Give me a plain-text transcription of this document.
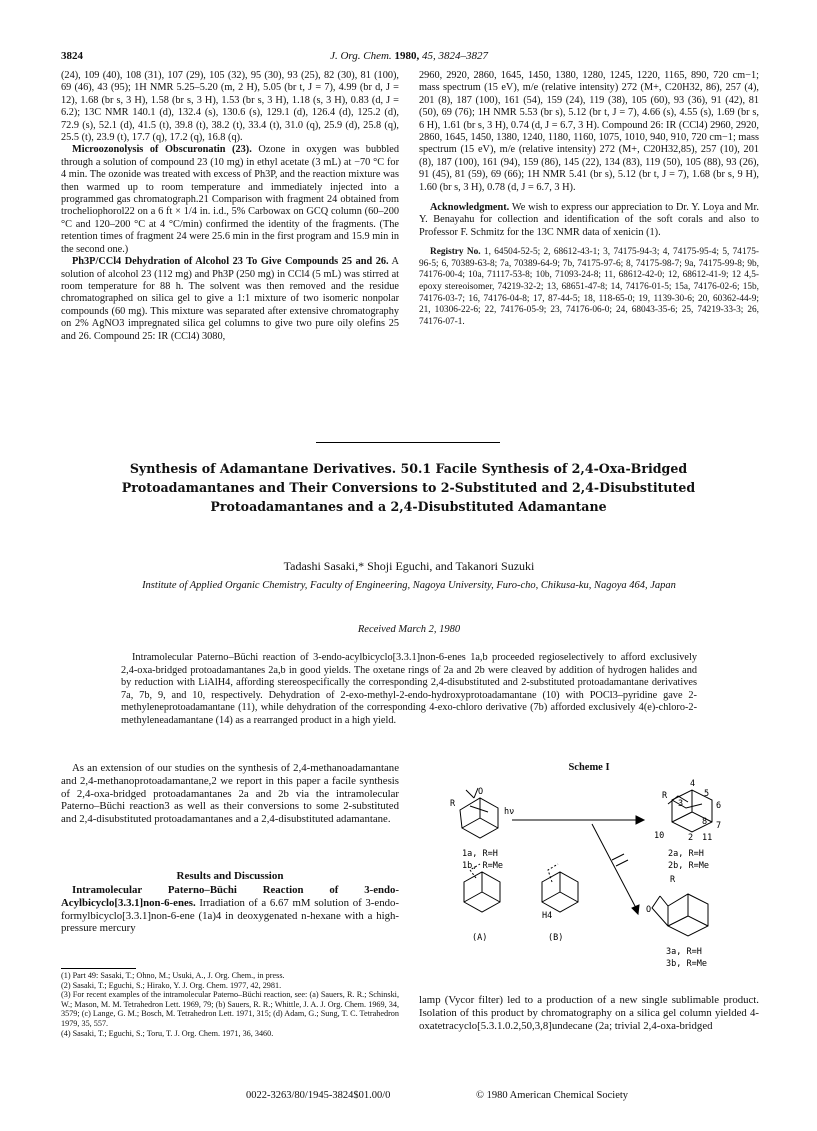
3824	J. Org. Chem. 1980, 45, 3824–3827

(24), 109 (40), 108 (31), 107 (29), 105 (32), 95 (30), 93 (25), 82 (30), 81 (100), 69 (46), 43 (95); 1H NMR 5.25–5.20 (m, 2 H), 5.05 (br t, J = 7), 4.99 (br d, J = 12), 1.68 (br s, 3 H), 1.58 (br s, 3 H), 1.53 (br s, 3 H), 1.18 (s, 3 H), 0.83 (d, J = 6.2); 13C NMR 140.1 (d), 132.4 (s), 130.6 (s), 129.1 (d), 126.4 (d), 125.2 (d), 72.9 (s), 52.1 (d), 41.5 (t), 39.8 (t), 38.2 (t), 33.4 (t), 31.0 (q), 25.9 (d), 25.8 (q), 25.5 (t), 23.9 (t), 17.7 (q), 17.2 (q), 16.8 (q).

Microozonolysis of Obscuronatin (23). Ozone in oxygen was bubbled through a solution of compound 23 (10 mg) in ethyl acetate (3 mL) at −70 °C for 4 min. The ozonide was treated with excess of Ph3P, and the reaction mixture was then warmed up to room temperature and immediately injected into a programmed gas chromatograph.21 Comparison with fragment 24 obtained from trocheliophorol22 on a 6 ft × 1/4 in. i.d., 5% Carbowax on GCQ column (60–200 °C and 120–200 °C at 4 °C/min) confirmed the identity of the fragments. (The retention times of fragment 24 were 25.6 min in the first program and 15.9 min in the second one.)

Ph3P/CCl4 Dehydration of Alcohol 23 To Give Compounds 25 and 26. A solution of alcohol 23 (112 mg) and Ph3P (250 mg) in CCl4 (5 mL) was stirred at room temperature for 88 h. The solvent was then removed and the residue chromatographed on silica gel to give a 1:1 mixture of two isomeric nonpolar compounds (60 mg). This mixture was separated after extensive chromatography on 2% AgNO3 impregnated silica gel columns to give two pure oily olefins 25 and 26. Compound 25: IR (CCl4) 3080,

2960, 2920, 2860, 1645, 1450, 1380, 1280, 1245, 1220, 1165, 890, 720 cm−1; mass spectrum (15 eV), m/e (relative intensity) 272 (M+, C20H32, 86), 257 (4), 201 (8), 187 (100), 161 (54), 159 (24), 119 (38), 105 (60), 93 (36), 91 (42), 81 (50), 69 (76); 1H NMR 5.53 (br s), 5.12 (br t, J = 7), 4.66 (s), 4.55 (s), 1.69 (br s, 6 H), 1.61 (br s, 3 H), 0.74 (d, J = 6.7, 3 H). Compound 26: IR (CCl4) 2960, 2920, 2860, 1645, 1450, 1380, 1240, 1180, 1160, 1075, 1010, 940, 910, 720 cm−1; mass spectrum (15 eV), m/e (relative intensity) 272 (M+, C20H32,85), 257 (10), 201 (8), 187 (100), 161 (94), 159 (86), 145 (22), 134 (83), 119 (50), 105 (88), 93 (26), 91 (45), 81 (59), 69 (66); 1H NMR 5.41 (br s), 5.12 (br t, J = 7), 1.68 (br s, 9 H), 1.60 (br s, 3 H), 0.78 (d, J = 6.7, 3 H).

Acknowledgment. We wish to express our appreciation to Dr. Y. Loya and Mr. Y. Benayahu for collection and identification of the soft corals and also to Professor F. Schmitz for the 13C NMR data of xenicin (1).

Registry No. 1, 64504-52-5; 2, 68612-43-1; 3, 74175-94-3; 4, 74175-95-4; 5, 74175-96-5; 6, 70389-63-8; 7a, 70389-64-9; 7b, 74175-97-6; 8, 74175-98-7; 9a, 74175-99-8; 9b, 74176-00-4; 10a, 71117-53-8; 10b, 71093-24-8; 11, 68612-42-0; 12, 68612-41-9; 12 4,5-epoxy stereoisomer, 74219-32-2; 13, 68651-47-8; 14, 74176-01-5; 15a, 74176-02-6; 15b, 74176-03-7; 16, 74176-04-8; 17, 87-44-5; 18, 118-65-0; 19, 1139-30-6; 20, 60362-44-9; 21, 10306-22-6; 22, 74176-05-9; 23, 74176-06-0; 24, 68043-35-6; 25, 74219-33-3; 26, 74176-07-1.

Synthesis of Adamantane Derivatives. 50.1 Facile Synthesis of 2,4-Oxa-Bridged Protoadamantanes and Their Conversions to 2-Substituted and 2,4-Disubstituted Protoadamantanes and a 2,4-Disubstituted Adamantane
Tadashi Sasaki,* Shoji Eguchi, and Takanori Suzuki
Institute of Applied Organic Chemistry, Faculty of Engineering, Nagoya University, Furo-cho, Chikusa-ku, Nagoya 464, Japan
Received March 2, 1980
Intramolecular Paterno–Büchi reaction of 3-endo-acylbicyclo[3.3.1]non-6-enes 1a,b proceeded regioselectively to afford exclusively 2,4-oxa-bridged protoadamantanes 2a,b in good yields. The oxetane rings of 2a and 2b were cleaved by addition of hydrogen halides and by reduction with LiAlH4, affording stereospecifically the corresponding 2,4-disubstituted and 2-substituted protoadamantane derivatives 7a, 7b, 9, and 10, respectively. Dehydration of 2-exo-methyl-2-endo-hydroxyprotoadamantane (10) with POCl3–pyridine gave 2-methyleneprotoadamantane (11), while dehydration of the corresponding 4-exo-chloro derivative (7b) afforded exclusively 4(e)-chloro-2-methyleneadamantane (14) as a rearranged product in a high yield.

As an extension of our studies on the synthesis of 2,4-methanoadamantane and 2,4-methanoprotoadamantane,2 we report in this paper a facile synthesis of 2,4-oxa-bridged protoadamantanes 2a and 2b via the intramolecular Paterno–Büchi reaction3 as well as their conversions to some 2-substituted and 2,4-disubstituted protoadamantanes and a 2,4-disubstituted adamantane.

Results and Discussion

Intramolecular Paterno–Büchi Reaction of 3-endo-Acylbicyclo[3.3.1]non-6-enes. Irradiation of a 6.67 mM solution of 3-endo-formylbicyclo[3.3.1]non-6-ene (1a)4 in deoxygenated n-hexane with a high-pressure mercury

(1) Part 49: Sasaki, T.; Ohno, M.; Usuki, A., J. Org. Chem., in press.

(2) Sasaki, T.; Eguchi, S.; Hirako, Y. J. Org. Chem. 1977, 42, 2981.

(3) For recent examples of the intramolecular Paterno–Büchi reaction, see: (a) Sauers, R. R.; Schinski, W.; Mason, M. M. Tetrahedron Lett. 1969, 79; (b) Sauers, R. R.; Whittle, J. A. J. Org. Chem. 1969, 34, 3579; (c) Lange, G. M.; Bosch, M. Tetrahedron Lett. 1971, 315; (d) Adam, G.; Sung, T. C. Tetrahedron 1979, 35, 557.

(4) Sasaki, T.; Eguchi, S.; Toru, T. J. Org. Chem. 1971, 36, 3460.

Scheme I
hν
R
O	R
3
4
5
6
7
8
10	11
2
R
O
H4
1a, R=H
1b, R=Me
2a, R=H
2b, R=Me
3a, R=H
3b, R=Me
(A)	(B)
lamp (Vycor filter) led to a production of a new single sublimable product. Isolation of this product by chromatography on a silica gel column yielded 4-oxatetracyclo[5.3.1.0.2,50,3,8]undecane (2a; trivial 2,4-oxa-bridged
0022-3263/80/1945-3824$01.00/0	© 1980 American Chemical Society
